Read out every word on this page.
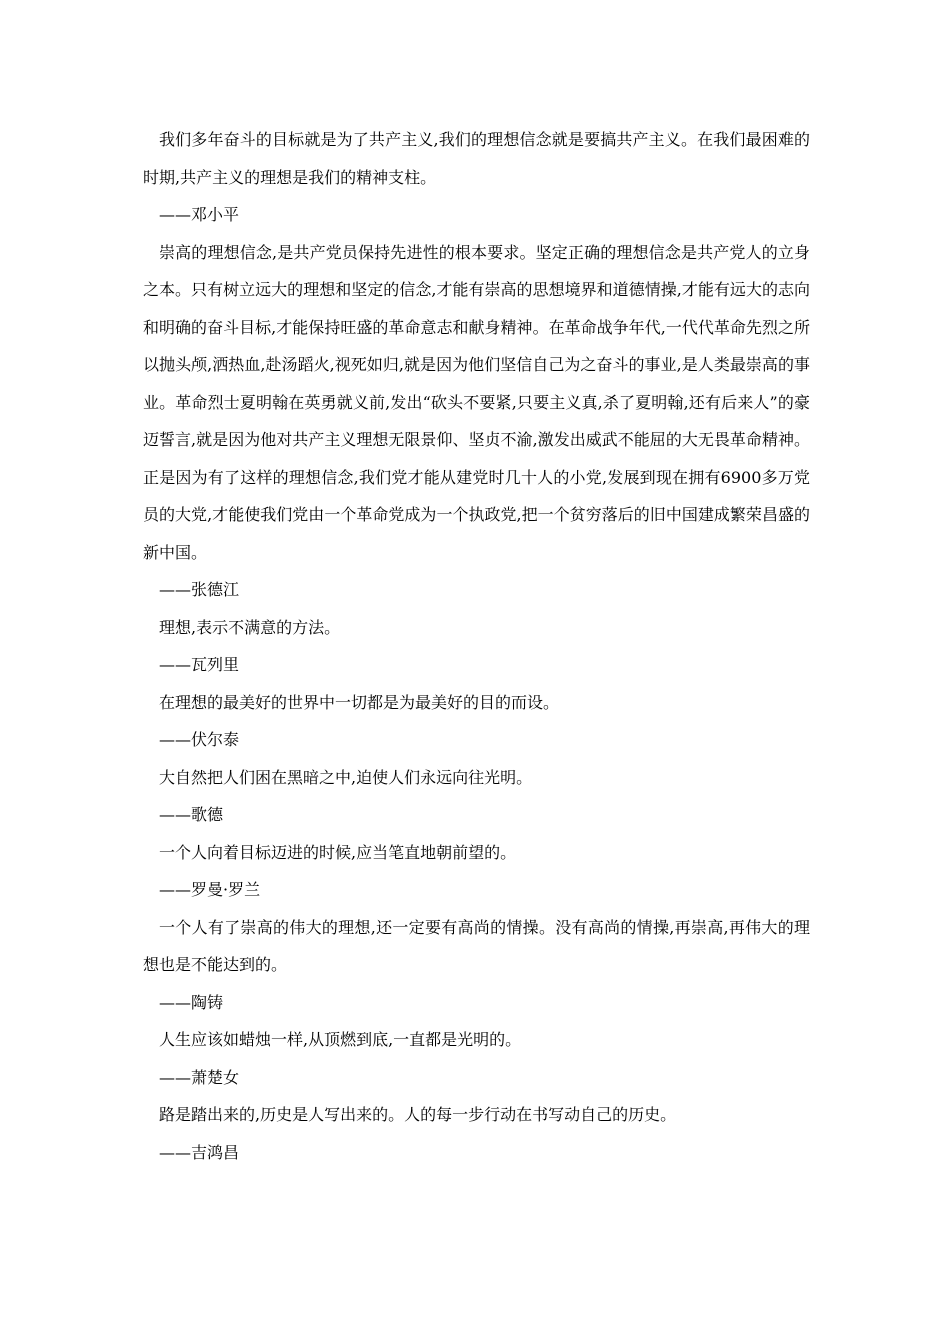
我们多年奋斗的目标就是为了共产主义,我们的理想信念就是要搞共产主义。在我们最困难的时期,共产主义的理想是我们的精神支柱。

——邓小平

崇高的理想信念,是共产党员保持先进性的根本要求。坚定正确的理想信念是共产党人的立身之本。只有树立远大的理想和坚定的信念,才能有崇高的思想境界和道德情操,才能有远大的志向和明确的奋斗目标,才能保持旺盛的革命意志和献身精神。在革命战争年代,一代代革命先烈之所以抛头颅,洒热血,赴汤蹈火,视死如归,就是因为他们坚信自己为之奋斗的事业,是人类最崇高的事业。革命烈士夏明翰在英勇就义前,发出“砍头不要紧,只要主义真,杀了夏明翰,还有后来人”的豪迈誓言,就是因为他对共产主义理想无限景仰、坚贞不渝,激发出威武不能屈的大无畏革命精神。正是因为有了这样的理想信念,我们党才能从建党时几十人的小党,发展到现在拥有6900多万党员的大党,才能使我们党由一个革命党成为一个执政党,把一个贫穷落后的旧中国建成繁荣昌盛的新中国。

——张德江

理想,表示不满意的方法。

——瓦列里

在理想的最美好的世界中一切都是为最美好的目的而设。

——伏尔泰

大自然把人们困在黑暗之中,迫使人们永远向往光明。

——歌德

一个人向着目标迈进的时候,应当笔直地朝前望的。

——罗曼·罗兰

一个人有了崇高的伟大的理想,还一定要有高尚的情操。没有高尚的情操,再崇高,再伟大的理想也是不能达到的。

——陶铸

人生应该如蜡烛一样,从顶燃到底,一直都是光明的。

——萧楚女

路是踏出来的,历史是人写出来的。人的每一步行动在书写动自己的历史。

——吉鸿昌
